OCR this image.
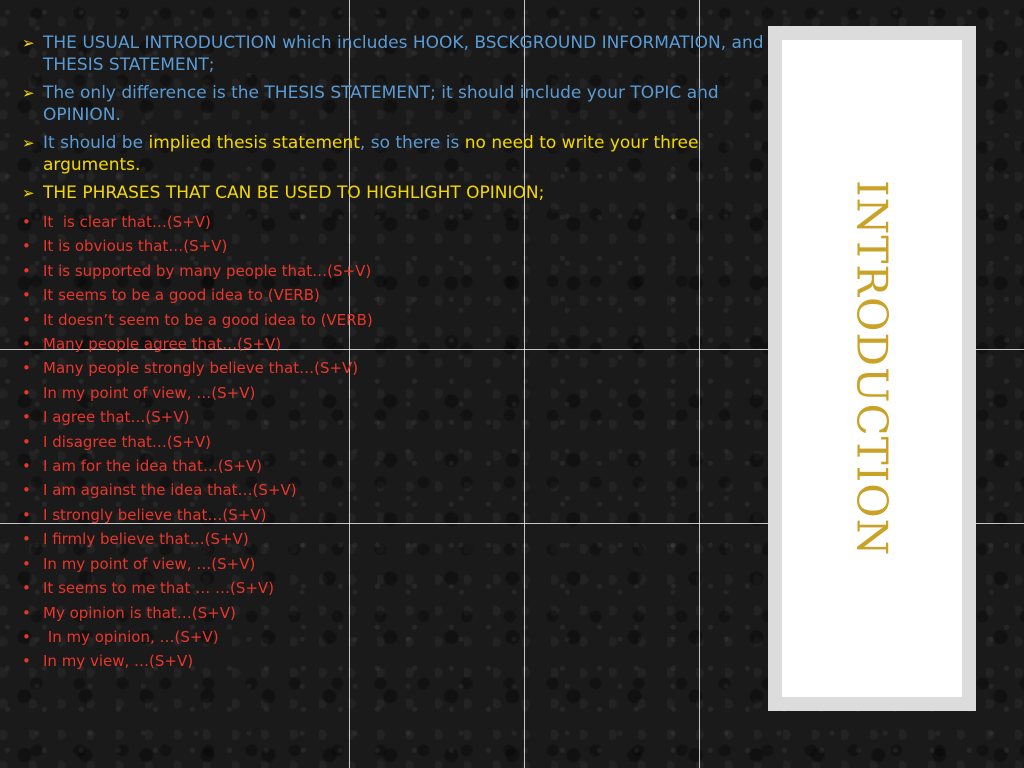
➢ THE USUAL INTRODUCTION which includes HOOK, BSCKGROUND INFORMATION, and THESIS STATEMENT;
➢ The only difference is the THESIS STATEMENT; it should include your TOPIC and OPINION.
➢ It should be implied thesis statement, so there is no need to write your three arguments.
➢ THE PHRASES THAT CAN BE USED TO HIGHLIGHT OPINION;
• It  is clear that…(S+V)
• It is obvious that…(S+V)
• It is supported by many people that…(S+V)
• It seems to be a good idea to (VERB)
• It doesn’t seem to be a good idea to (VERB)
• Many people agree that…(S+V)
• Many people strongly believe that…(S+V)
• In my point of view, …(S+V)
• I agree that…(S+V)
• I disagree that…(S+V)
• I am for the idea that…(S+V)
• I am against the idea that…(S+V)
• I strongly believe that…(S+V)
• I firmly believe that…(S+V)
• In my point of view, …(S+V)
• It seems to me that … …(S+V)
• My opinion is that…(S+V)
• In my opinion, …(S+V)
• In my view, …(S+V)
INTRODUCTION
